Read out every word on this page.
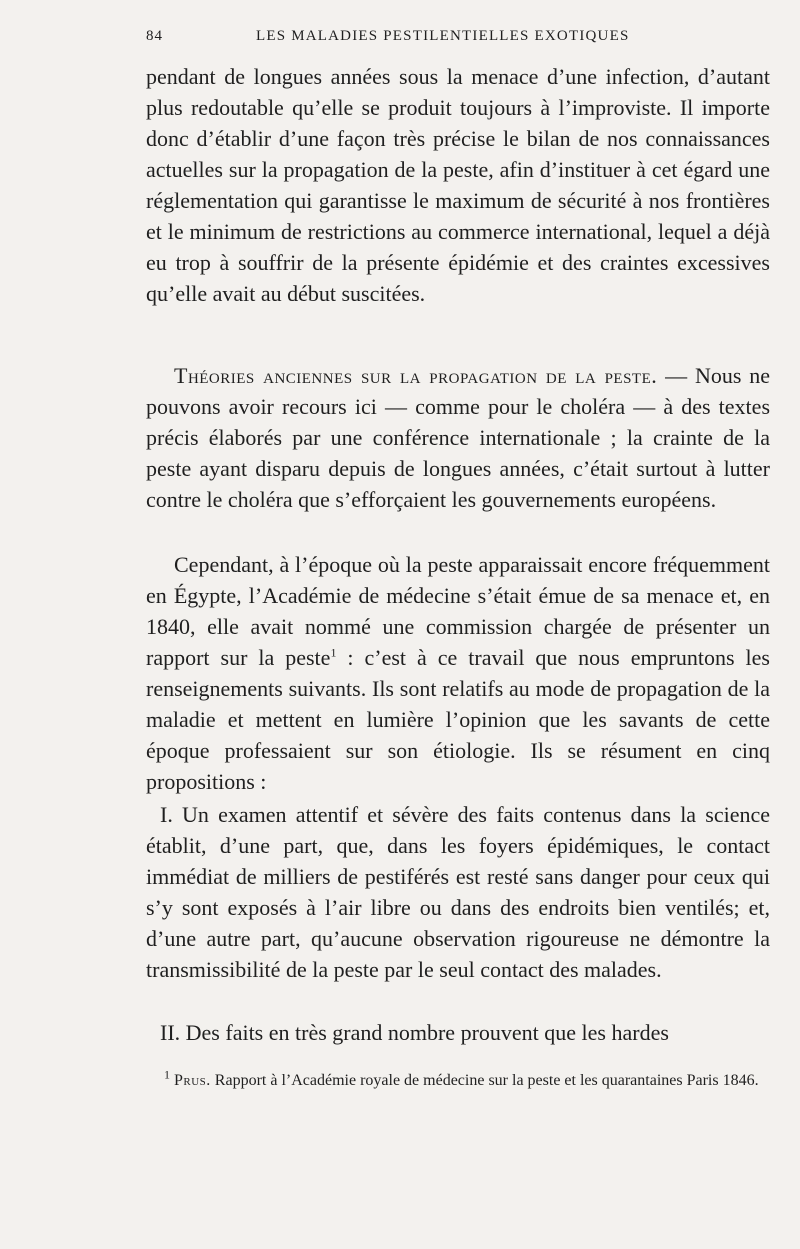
84	LES MALADIES PESTILENTIELLES EXOTIQUES
pendant de longues années sous la menace d’une infection, d’autant plus redoutable qu’elle se produit toujours à l’improviste. Il importe donc d’établir d’une façon très précise le bilan de nos connaissances actuelles sur la propagation de la peste, afin d’instituer à cet égard une réglementation qui garantisse le maximum de sécurité à nos frontières et le minimum de restrictions au commerce international, lequel a déjà eu trop à souffrir de la présente épidémie et des craintes excessives qu’elle avait au début suscitées.
Théories anciennes sur la propagation de la peste. — Nous ne pouvons avoir recours ici — comme pour le choléra — à des textes précis élaborés par une conférence internationale ; la crainte de la peste ayant disparu depuis de longues années, c’était surtout à lutter contre le choléra que s’efforçaient les gouvernements européens.
Cependant, à l’époque où la peste apparaissait encore fréquemment en Égypte, l’Académie de médecine s’était émue de sa menace et, en 1840, elle avait nommé une commission chargée de présenter un rapport sur la peste$^1$ : c’est à ce travail que nous empruntons les renseignements suivants. Ils sont relatifs au mode de propagation de la maladie et mettent en lumière l’opinion que les savants de cette époque professaient sur son étiologie. Ils se résument en cinq propositions :
I. Un examen attentif et sévère des faits contenus dans la science établit, d’une part, que, dans les foyers épidémiques, le contact immédiat de milliers de pestiférés est resté sans danger pour ceux qui s’y sont exposés à l’air libre ou dans des endroits bien ventilés; et, d’une autre part, qu’aucune observation rigoureuse ne démontre la transmissibilité de la peste par le seul contact des malades.
II. Des faits en très grand nombre prouvent que les hardes
$^1$ Prus. Rapport à l’Académie royale de médecine sur la peste et les quarantaines Paris 1846.
